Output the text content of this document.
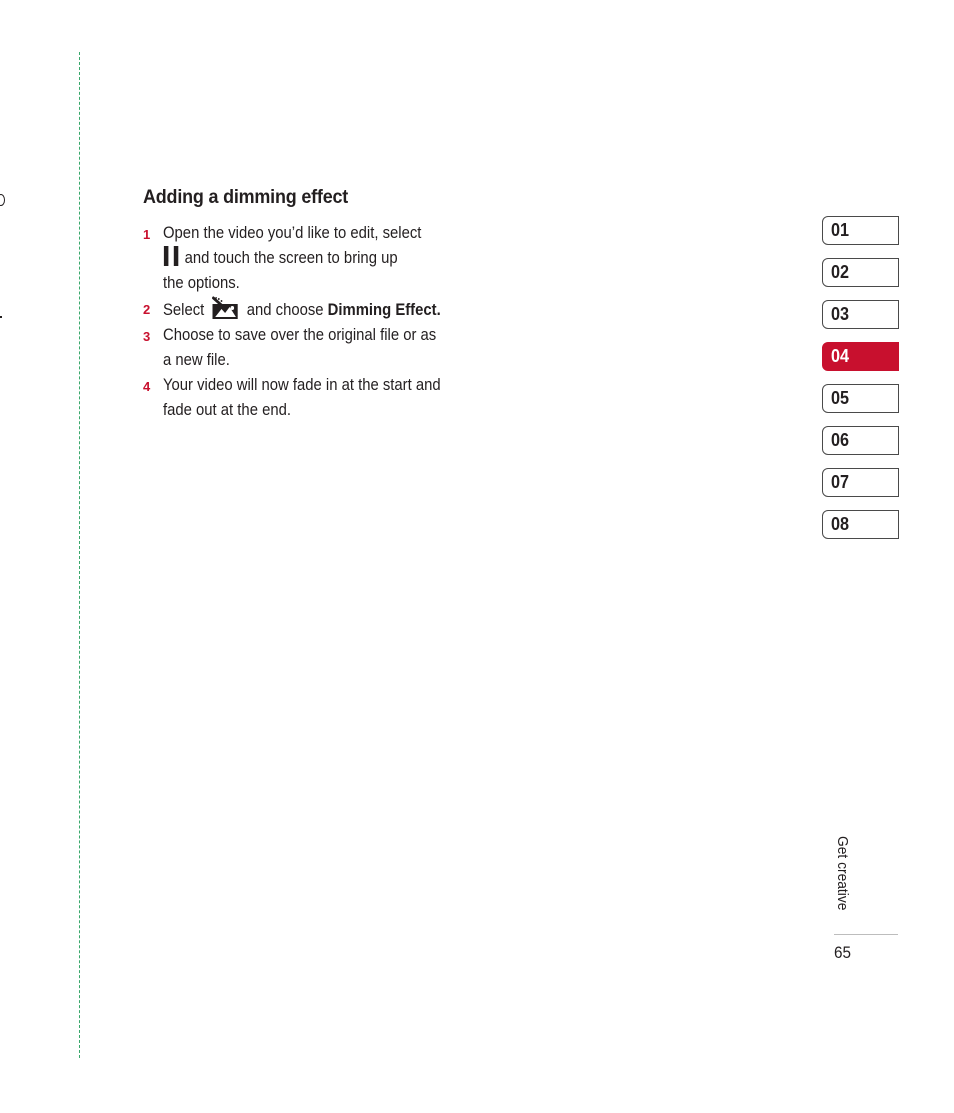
Adding a dimming effect
1 Open the video you’d like to edit, select
and touch the screen to bring up
the options.
2 Select	and choose Dimming Effect.
3 Choose to save over the original file or as
a new file.
4 Your video will now fade in at the start and
fade out at the end.
01
02
03
04
05
06
07
08
Get creative
65
